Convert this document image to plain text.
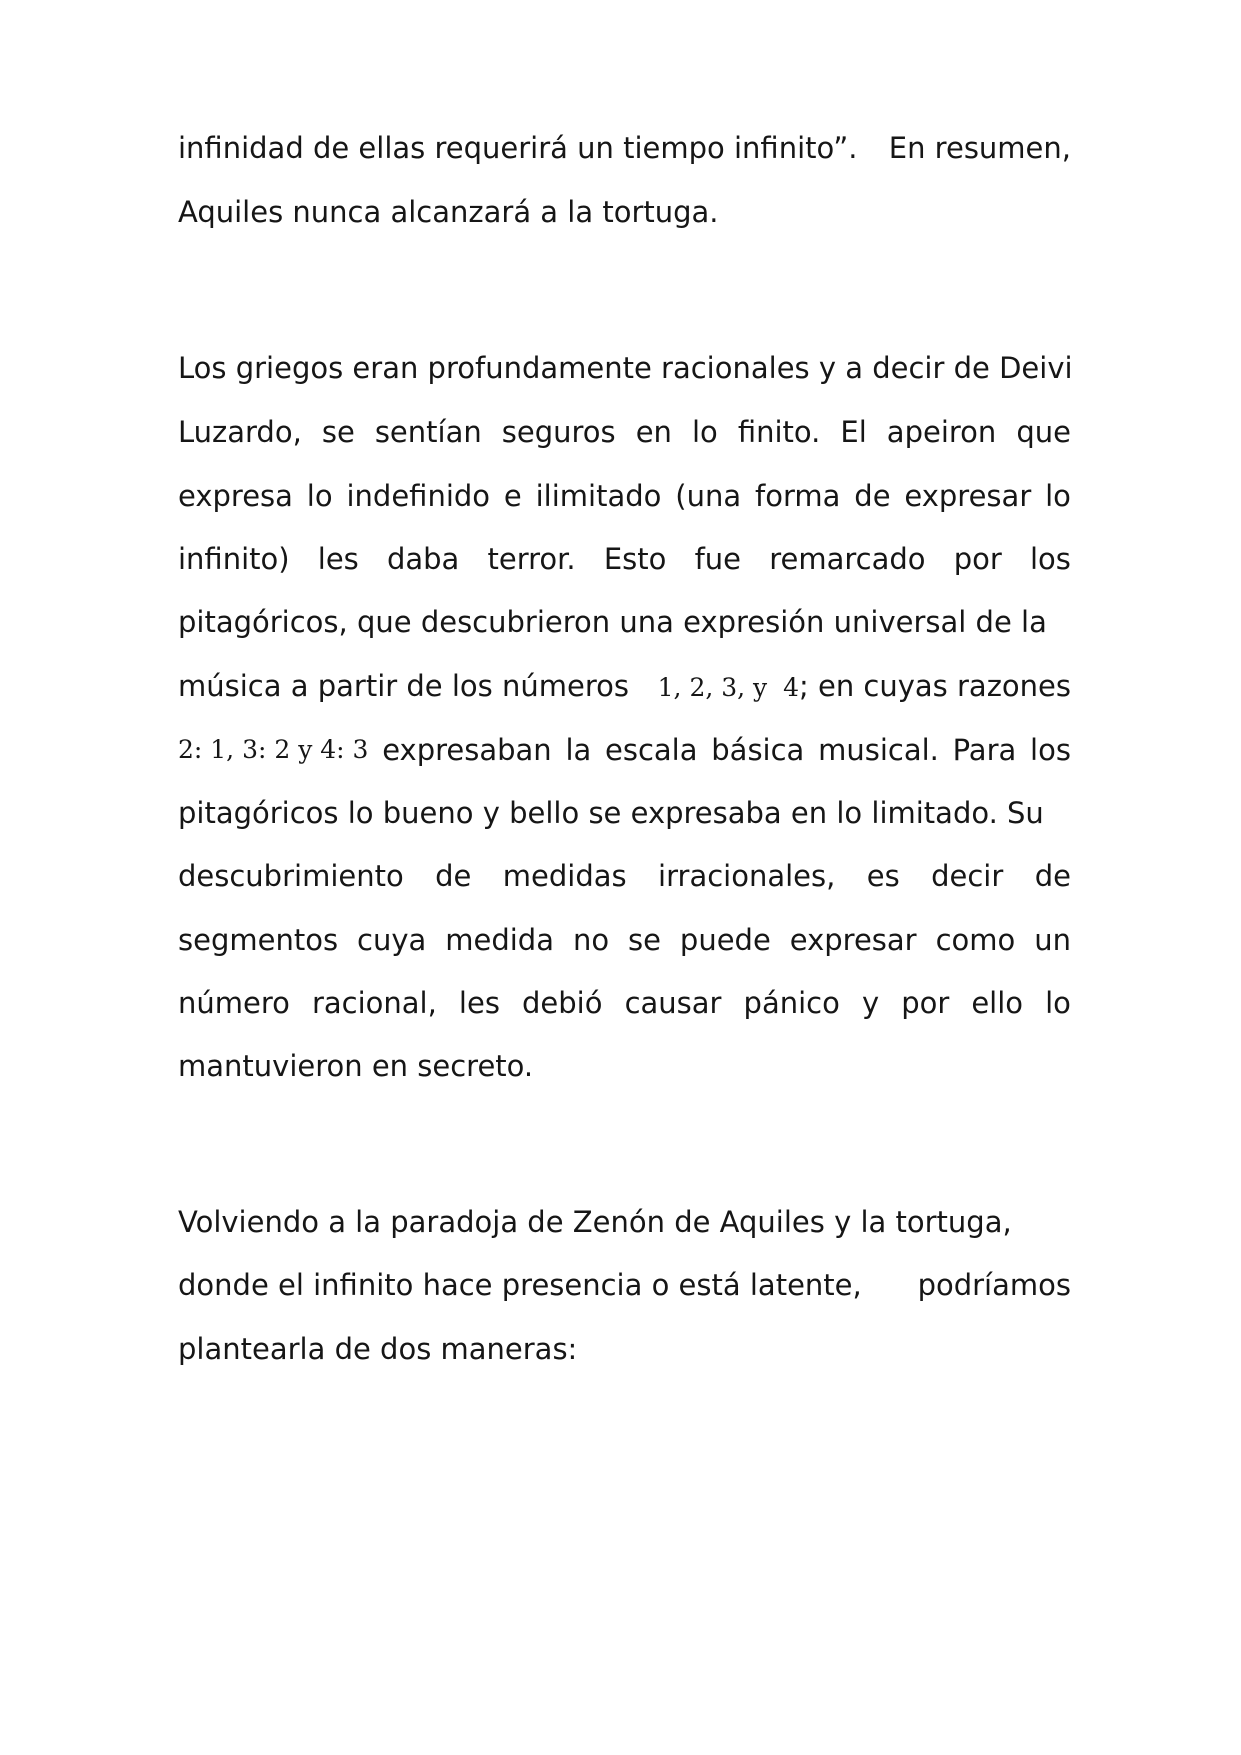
infinidad de ellas requerirá un tiempo infinito”. En resumen,

Aquiles nunca alcanzará a la tortuga.

Los griegos eran profundamente racionales y a decir de Deivi

Luzardo, se sentían seguros en lo finito. El apeiron que

expresa lo indefinido e ilimitado (una forma de expresar lo

infinito) les daba terror. Esto fue remarcado por los

pitagóricos, que descubrieron una expresión universal de la

música a partir de los números 1, 2, 3, y  4; en cuyas razones

2: 1, 3: 2 y 4: 3 expresaban la escala básica musical. Para los

pitagóricos lo bueno y bello se expresaba en lo limitado. Su

descubrimiento de medidas irracionales, es decir de

segmentos cuya medida no se puede expresar como un

número racional, les debió causar pánico y por ello lo

mantuvieron en secreto.

Volviendo a la paradoja de Zenón de Aquiles y la tortuga,

donde el infinito hace presencia o está latente, podríamos

plantearla de dos maneras:
